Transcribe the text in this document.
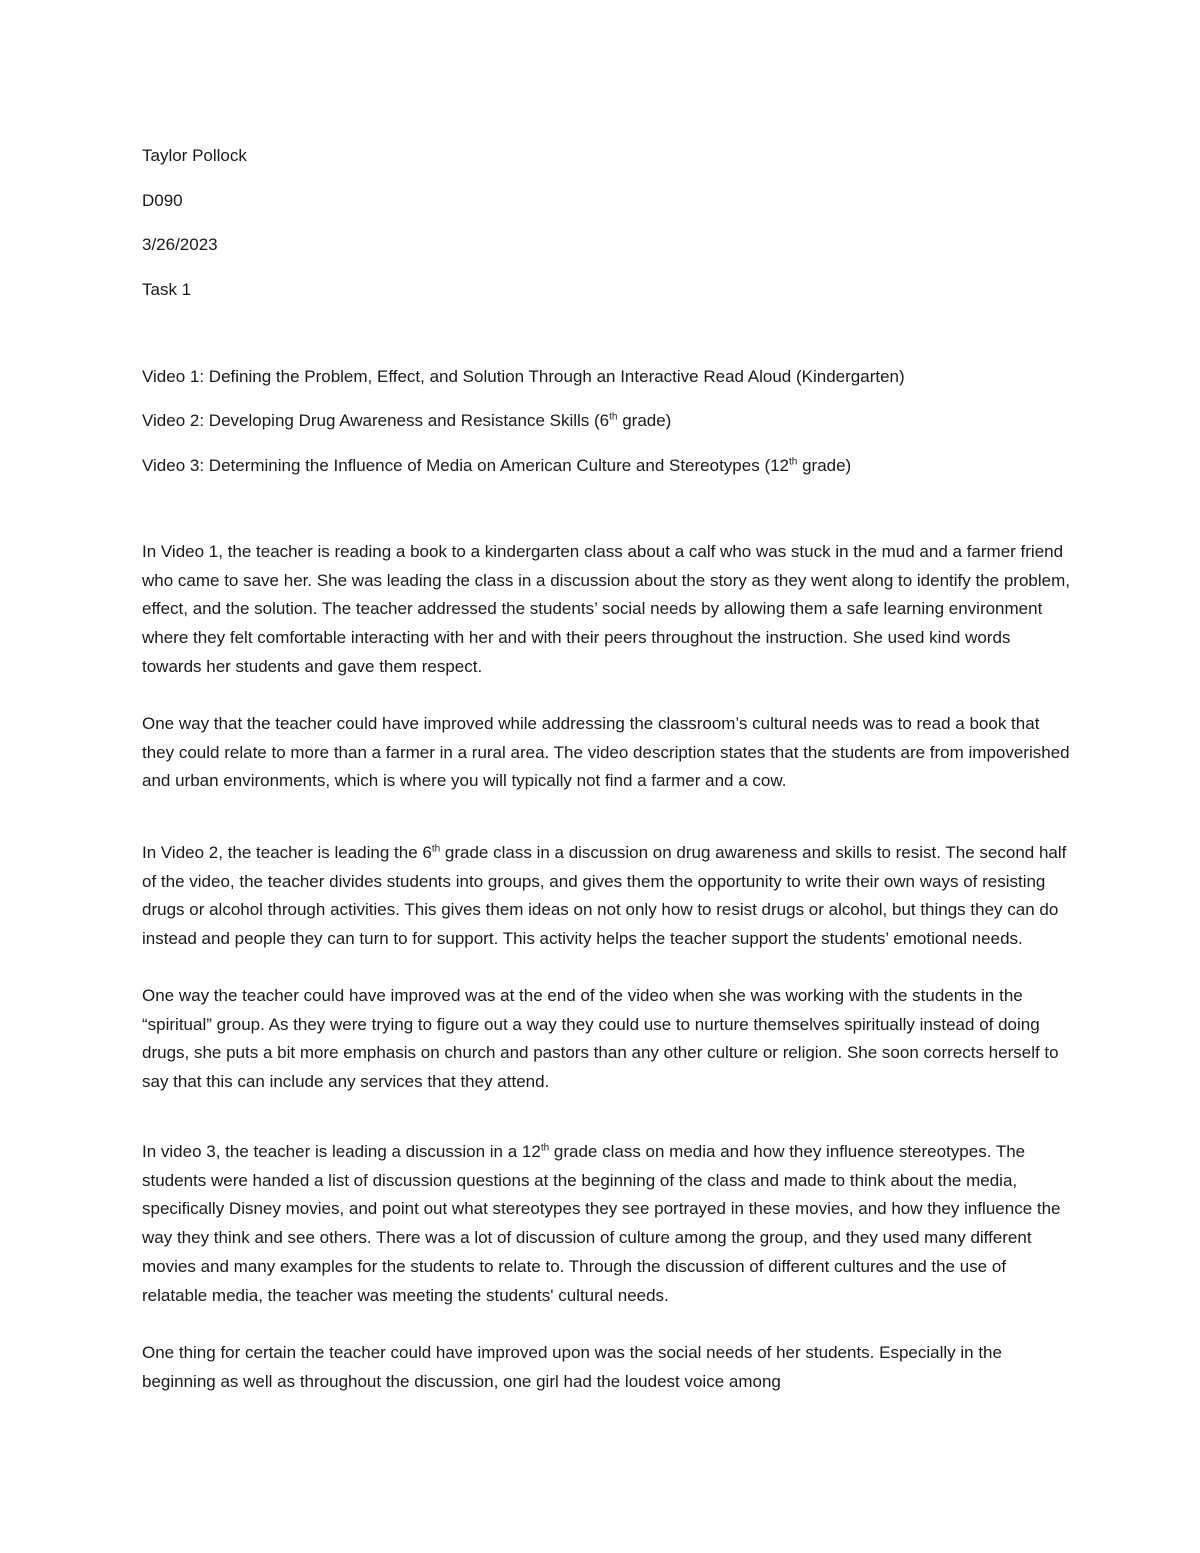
Taylor Pollock
D090
3/26/2023
Task 1
Video 1: Defining the Problem, Effect, and Solution Through an Interactive Read Aloud (Kindergarten)
Video 2: Developing Drug Awareness and Resistance Skills (6th grade)
Video 3: Determining the Influence of Media on American Culture and Stereotypes (12th grade)
In Video 1, the teacher is reading a book to a kindergarten class about a calf who was stuck in the mud and a farmer friend who came to save her. She was leading the class in a discussion about the story as they went along to identify the problem, effect, and the solution. The teacher addressed the students’ social needs by allowing them a safe learning environment where they felt comfortable interacting with her and with their peers throughout the instruction. She used kind words towards her students and gave them respect.
One way that the teacher could have improved while addressing the classroom’s cultural needs was to read a book that they could relate to more than a farmer in a rural area. The video description states that the students are from impoverished and urban environments, which is where you will typically not find a farmer and a cow.
In Video 2, the teacher is leading the 6th grade class in a discussion on drug awareness and skills to resist. The second half of the video, the teacher divides students into groups, and gives them the opportunity to write their own ways of resisting drugs or alcohol through activities. This gives them ideas on not only how to resist drugs or alcohol, but things they can do instead and people they can turn to for support. This activity helps the teacher support the students’ emotional needs.
One way the teacher could have improved was at the end of the video when she was working with the students in the “spiritual” group. As they were trying to figure out a way they could use to nurture themselves spiritually instead of doing drugs, she puts a bit more emphasis on church and pastors than any other culture or religion. She soon corrects herself to say that this can include any services that they attend.
In video 3, the teacher is leading a discussion in a 12th grade class on media and how they influence stereotypes. The students were handed a list of discussion questions at the beginning of the class and made to think about the media, specifically Disney movies, and point out what stereotypes they see portrayed in these movies, and how they influence the way they think and see others. There was a lot of discussion of culture among the group, and they used many different movies and many examples for the students to relate to. Through the discussion of different cultures and the use of relatable media, the teacher was meeting the students' cultural needs.
One thing for certain the teacher could have improved upon was the social needs of her students. Especially in the beginning as well as throughout the discussion, one girl had the loudest voice among
